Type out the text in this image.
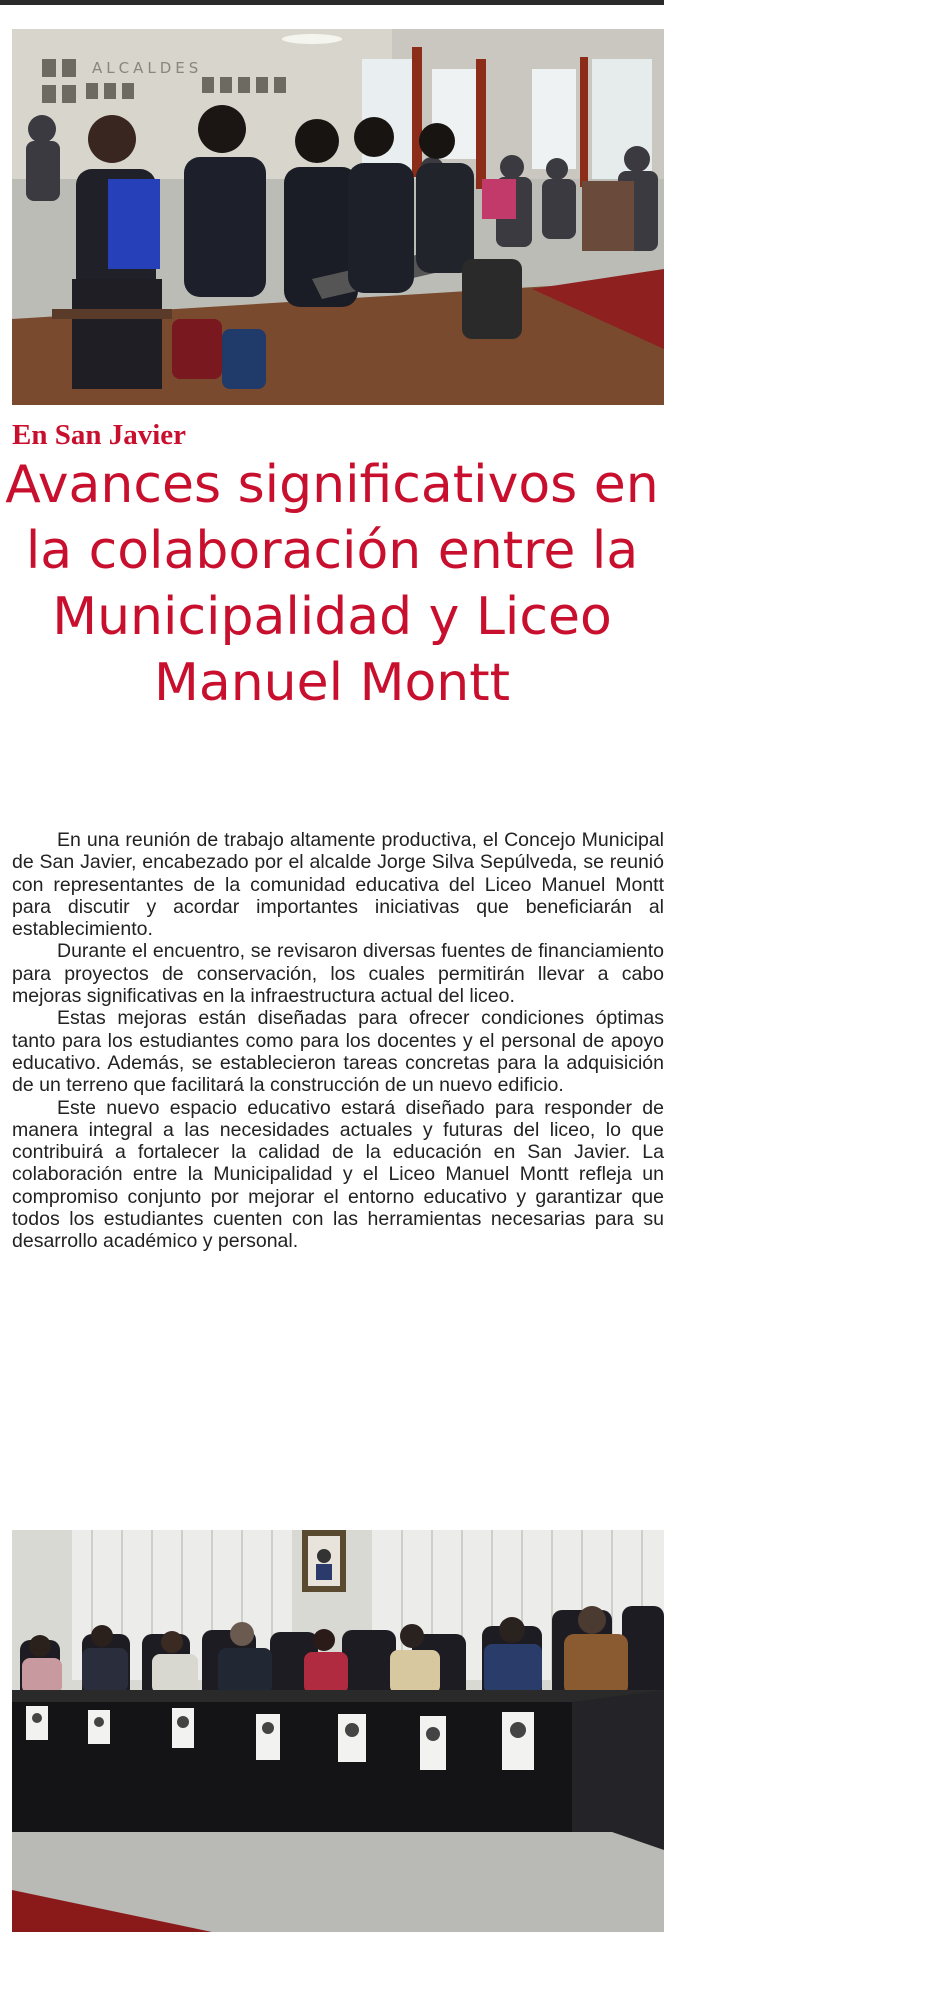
ALCALDES
En San Javier
Avances significativos en la colaboración entre la Municipalidad y Liceo Manuel Montt

En una reunión de trabajo altamente productiva, el Concejo Municipal de San Javier, encabezado por el alcalde Jorge Silva Sepúlveda, se reunió con representantes de la comunidad educativa del Liceo Manuel Montt para discutir y acordar importantes iniciativas que beneficiarán al establecimiento.

Durante el encuentro, se revisaron diversas fuentes de financiamiento para proyectos de conservación, los cuales permitirán llevar a cabo mejoras significativas en la infraestructura actual del liceo.

Estas mejoras están diseñadas para ofrecer condiciones óptimas tanto para los estudiantes como para los docentes y el personal de apoyo educativo. Además, se establecieron tareas concretas para la adquisición de un terreno que facilitará la construcción de un nuevo edificio.

Este nuevo espacio educativo estará diseñado para responder de manera integral a las necesidades actuales y futuras del liceo, lo que contribuirá a fortalecer la calidad de la educación en San Javier. La colaboración entre la Municipalidad y el Liceo Manuel Montt refleja un compromiso conjunto por mejorar el entorno educativo y garantizar que todos los estudiantes cuenten con las herramientas necesarias para su desarrollo académico y personal.
